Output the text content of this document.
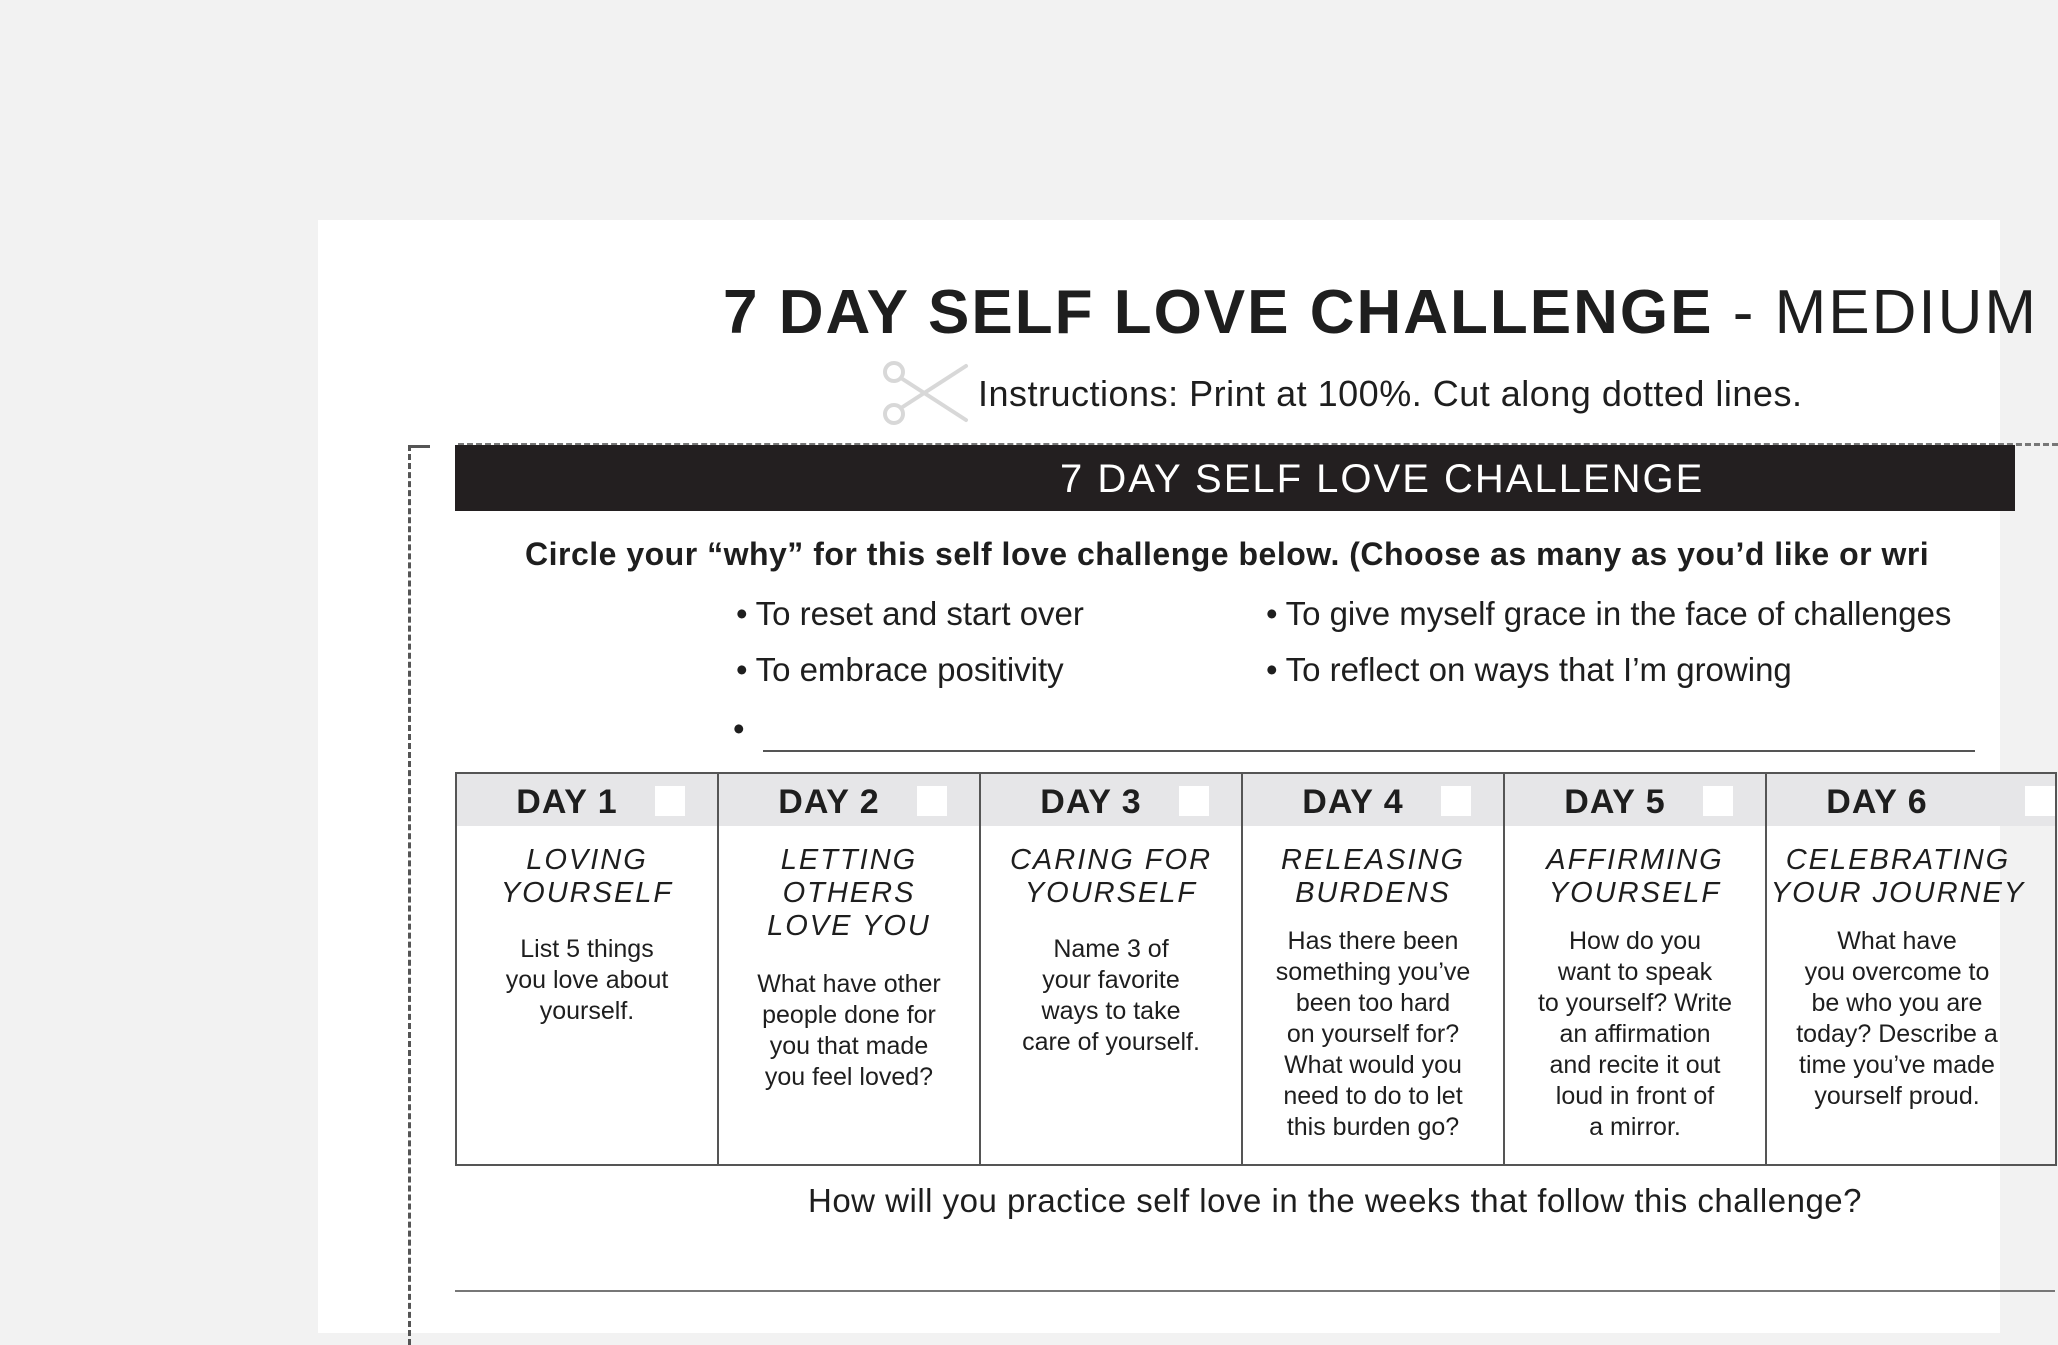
7 DAY SELF LOVE CHALLENGE - MEDIUM
Instructions: Print at 100%. Cut along dotted lines.
7 DAY SELF LOVE CHALLENGE
Circle your “why” for this self love challenge below. (Choose as many as you’d like or wri
• To reset and start over
• To embrace positivity
• To give myself grace in the face of challenges
• To reflect on ways that I’m growing
•
DAY 1
LOVING
YOURSELF
List 5 things
you love about
yourself.
DAY 2
LETTING
OTHERS
LOVE YOU
What have other
people done for
you that made
you feel loved?
DAY 3
CARING FOR
YOURSELF
Name 3 of
your favorite
ways to take
care of yourself.
DAY 4
RELEASING
BURDENS
Has there been
something you’ve
been too hard
on yourself for?
What would you
need to do to let
this burden go?
DAY 5
AFFIRMING
YOURSELF
How do you
want to speak
to yourself? Write
an affirmation
and recite it out
loud in front of
a mirror.
DAY 6
CELEBRATING
YOUR JOURNEY
What have
you overcome to
be who you are
today? Describe a
time you’ve made
yourself proud.
How will you practice self love in the weeks that follow this challenge?
